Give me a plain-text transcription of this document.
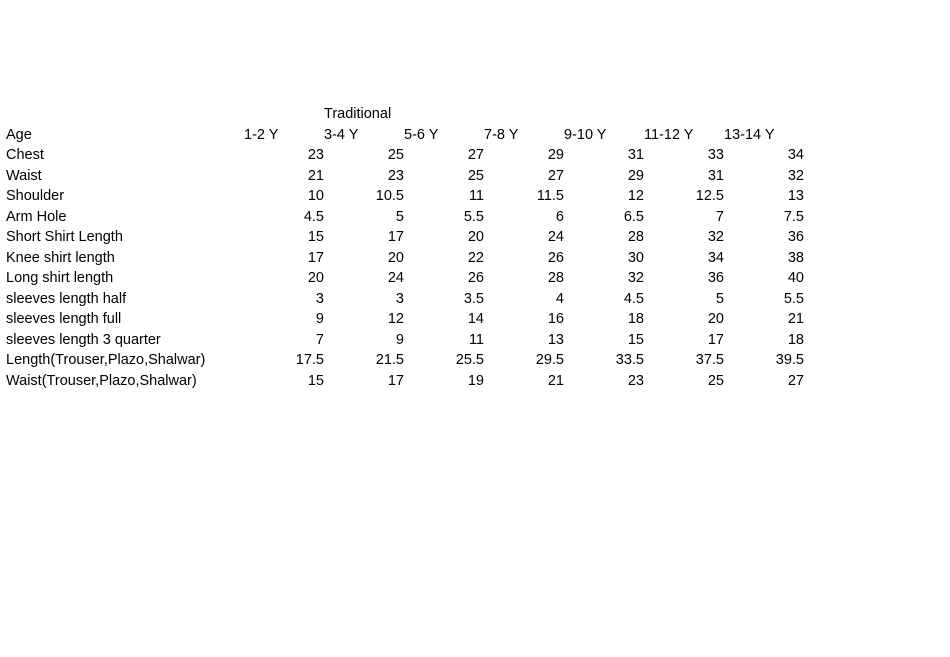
		Traditional					
Age	1-2 Y	3-4 Y	5-6 Y	7-8 Y	9-10 Y	11-12 Y	13-14 Y
Chest	23	25	27	29	31	33	34
Waist	21	23	25	27	29	31	32
Shoulder	10	10.5	11	11.5	12	12.5	13
Arm Hole	4.5	5	5.5	6	6.5	7	7.5
Short Shirt Length	15	17	20	24	28	32	36
Knee shirt length	17	20	22	26	30	34	38
Long shirt length	20	24	26	28	32	36	40
sleeves length half	3	3	3.5	4	4.5	5	5.5
sleeves length full	9	12	14	16	18	20	21
sleeves length 3 quarter	7	9	11	13	15	17	18
Length(Trouser,Plazo,Shalwar)	17.5	21.5	25.5	29.5	33.5	37.5	39.5
Waist(Trouser,Plazo,Shalwar)	15	17	19	21	23	25	27
